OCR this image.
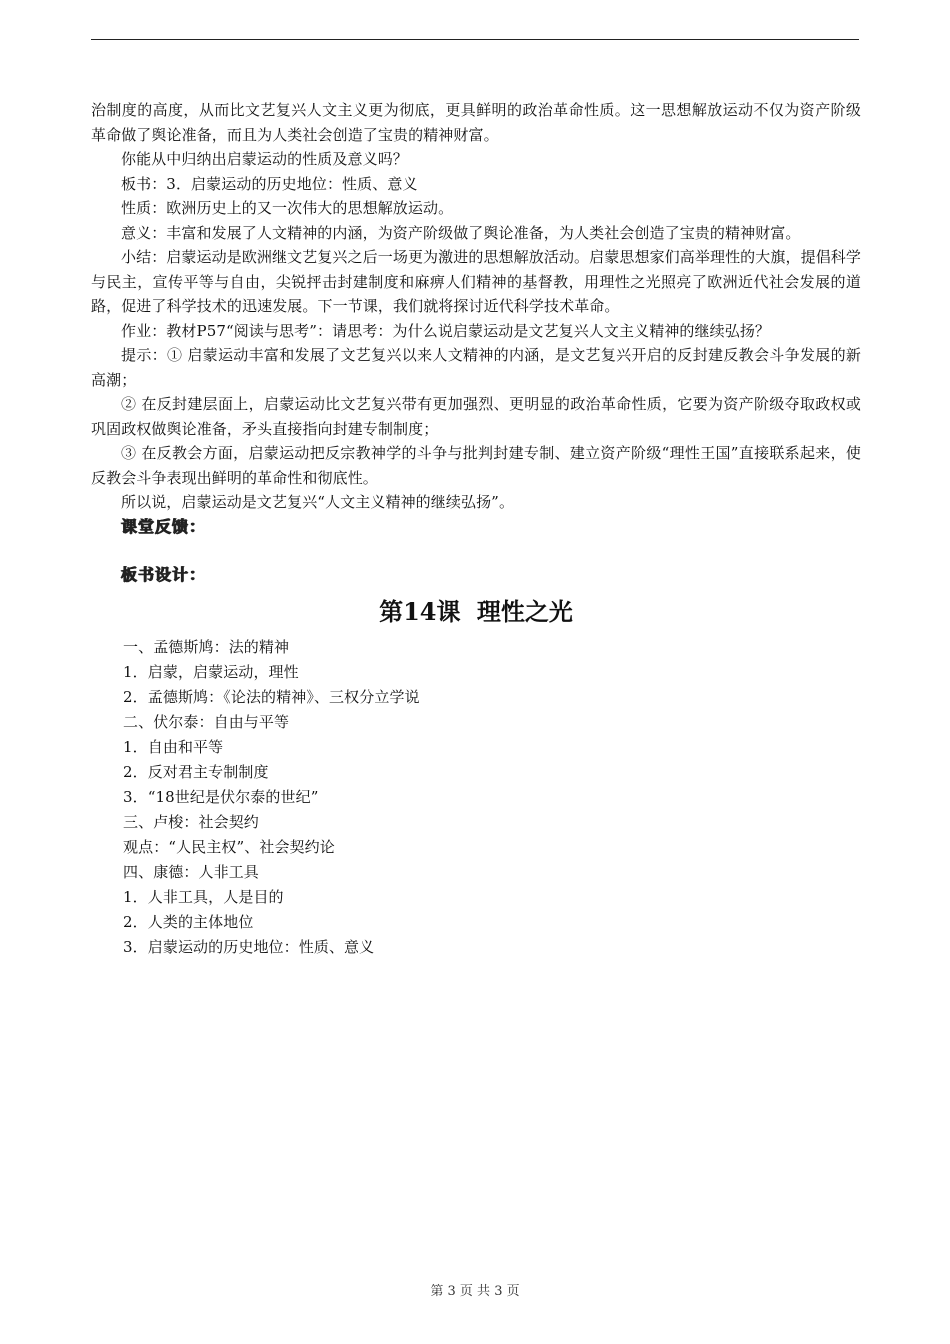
治制度的高度，从而比文艺复兴人文主义更为彻底，更具鲜明的政治革命性质。这一思想解放运动不仅为资产阶级革命做了舆论准备，而且为人类社会创造了宝贵的精神财富。

你能从中归纳出启蒙运动的性质及意义吗？

板书：3．启蒙运动的历史地位：性质、意义

性质：欧洲历史上的又一次伟大的思想解放运动。

意义：丰富和发展了人文精神的内涵，为资产阶级做了舆论准备，为人类社会创造了宝贵的精神财富。

小结：启蒙运动是欧洲继文艺复兴之后一场更为激进的思想解放活动。启蒙思想家们高举理性的大旗，提倡科学与民主，宣传平等与自由，尖锐抨击封建制度和麻痹人们精神的基督教，用理性之光照亮了欧洲近代社会发展的道路，促进了科学技术的迅速发展。下一节课，我们就将探讨近代科学技术革命。

作业：教材P57“阅读与思考”：请思考：为什么说启蒙运动是文艺复兴人文主义精神的继续弘扬？

提示：① 启蒙运动丰富和发展了文艺复兴以来人文精神的内涵，是文艺复兴开启的反封建反教会斗争发展的新高潮；

② 在反封建层面上，启蒙运动比文艺复兴带有更加强烈、更明显的政治革命性质，它要为资产阶级夺取政权或巩固政权做舆论准备，矛头直接指向封建专制制度；

③ 在反教会方面，启蒙运动把反宗教神学的斗争与批判封建专制、建立资产阶级“理性王国”直接联系起来，使反教会斗争表现出鲜明的革命性和彻底性。

所以说，启蒙运动是文艺复兴“人文主义精神的继续弘扬”。

课堂反馈：
板书设计：
第14课 理性之光

一、孟德斯鸠：法的精神

1．启蒙，启蒙运动，理性

2．孟德斯鸠：《论法的精神》、三权分立学说

二、伏尔泰：自由与平等

1．自由和平等

2．反对君主专制制度

3．“18世纪是伏尔泰的世纪”

三、卢梭：社会契约

观点：“人民主权”、社会契约论

四、康德：人非工具

1．人非工具，人是目的

2．人类的主体地位

3．启蒙运动的历史地位：性质、意义

第 3 页 共 3 页
